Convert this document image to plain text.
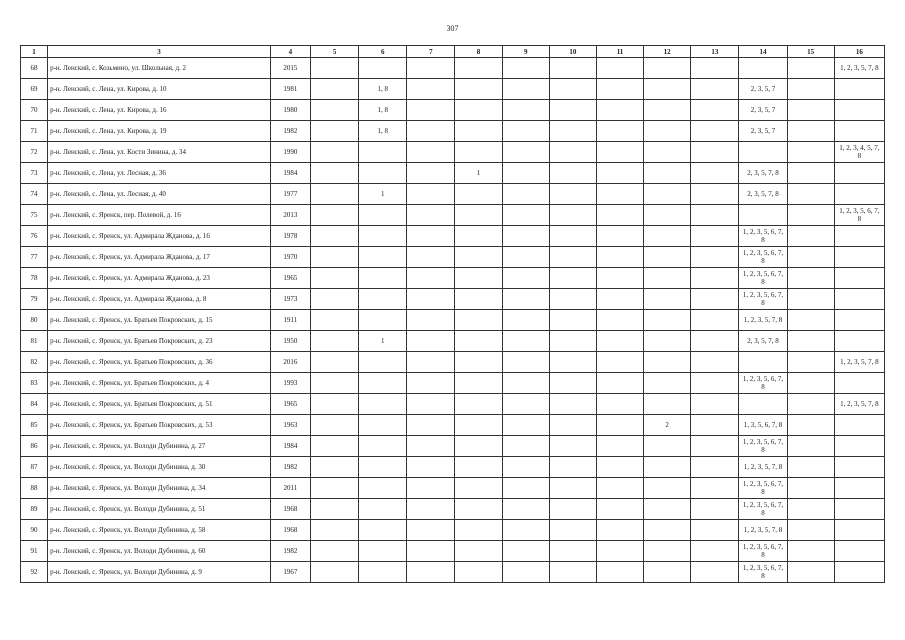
307
1	3	4	5	6	7	8	9	10	11	12	13	14	15	16
68	р-н. Ленский, с. Козьмино, ул. Школьная, д. 2	2015												1, 2, 3, 5, 7, 8
69	р-н. Ленский, с. Лена, ул. Кирова, д. 10	1981		1, 8								2, 3, 5, 7		
70	р-н. Ленский, с. Лена, ул. Кирова, д. 16	1980		1, 8								2, 3, 5, 7		
71	р-н. Ленский, с. Лена, ул. Кирова, д. 19	1982		1, 8								2, 3, 5, 7		
72	р-н. Ленский, с. Лена, ул. Кости Зинина, д. 34	1990												1, 2, 3, 4, 5, 7, 8
73	р-н. Ленский, с. Лена, ул. Лесная, д. 36	1984				1						2, 3, 5, 7, 8		
74	р-н. Ленский, с. Лена, ул. Лесная, д. 40	1977		1								2, 3, 5, 7, 8		
75	р-н. Ленский, с. Яренск, пер. Полевой, д. 16	2013												1, 2, 3, 5, 6, 7, 8
76	р-н. Ленский, с. Яренск, ул. Адмирала Жданова, д. 16	1978										1, 2, 3, 5, 6, 7, 8		
77	р-н. Ленский, с. Яренск, ул. Адмирала Жданова, д. 17	1970										1, 2, 3, 5, 6, 7, 8		
78	р-н. Ленский, с. Яренск, ул. Адмирала Жданова, д. 23	1965										1, 2, 3, 5, 6, 7, 8		
79	р-н. Ленский, с. Яренск, ул. Адмирала Жданова, д. 8	1973										1, 2, 3, 5, 6, 7, 8		
80	р-н. Ленский, с. Яренск, ул. Братьев Покровских, д. 15	1911										1, 2, 3, 5, 7, 8		
81	р-н. Ленский, с. Яренск, ул. Братьев Покровских, д. 23	1950		1								2, 3, 5, 7, 8		
82	р-н. Ленский, с. Яренск, ул. Братьев Покровских, д. 36	2016												1, 2, 3, 5, 7, 8
83	р-н. Ленский, с. Яренск, ул. Братьев Покровских, д. 4	1993										1, 2, 3, 5, 6, 7, 8		
84	р-н. Ленский, с. Яренск, ул. Братьев Покровских, д. 51	1965												1, 2, 3, 5, 7, 8
85	р-н. Ленский, с. Яренск, ул. Братьев Покровских, д. 53	1963								2		1, 3, 5, 6, 7, 8		
86	р-н. Ленский, с. Яренск, ул. Володи Дубинина, д. 27	1984										1, 2, 3, 5, 6, 7, 8		
87	р-н. Ленский, с. Яренск, ул. Володи Дубинина, д. 30	1982										1, 2, 3, 5, 7, 8		
88	р-н. Ленский, с. Яренск, ул. Володи Дубинина, д. 34	2011										1, 2, 3, 5, 6, 7, 8		
89	р-н. Ленский, с. Яренск, ул. Володи Дубинина, д. 51	1968										1, 2, 3, 5, 6, 7, 8		
90	р-н. Ленский, с. Яренск, ул. Володи Дубинина, д. 58	1968										1, 2, 3, 5, 7, 8		
91	р-н. Ленский, с. Яренск, ул. Володи Дубинина, д. 60	1982										1, 2, 3, 5, 6, 7, 8		
92	р-н. Ленский, с. Яренск, ул. Володи Дубинина, д. 9	1967										1, 2, 3, 5, 6, 7, 8		
